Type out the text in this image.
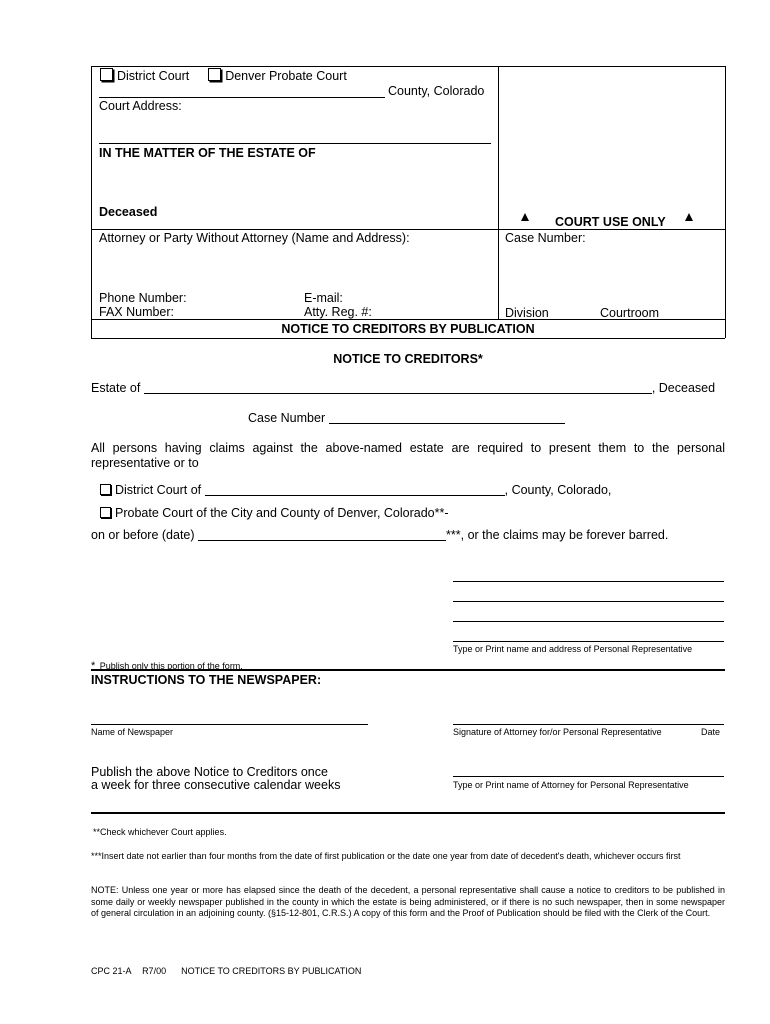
District Court	Denver Probate Court
County, Colorado
Court Address:
IN THE MATTER OF THE ESTATE OF
Deceased
COURT USE ONLY
Attorney or Party Without Attorney (Name and Address):	Case Number:
Phone Number:	E-mail:
FAX Number:	Atty. Reg. #:	Division	Courtroom
NOTICE TO CREDITORS BY PUBLICATION
NOTICE TO CREDITORS*
Estate of	, Deceased
Case Number
All persons having claims against the above-named estate are required to present them to the personal representative or to
District Court of	, County, Colorado,
Probate Court of the City and County of Denver, Colorado**-
on or before (date)	***, or the claims may be forever barred.
Type or Print name and address of Personal Representative
* Publish only this portion of the form.
INSTRUCTIONS TO THE NEWSPAPER:
Name of Newspaper	Signature of Attorney for/or Personal Representative	Date
Publish the above Notice to Creditors once
a week for three consecutive calendar weeks	Type or Print name of Attorney for Personal Representative
**Check whichever Court applies.
***Insert date not earlier than four months from the date of first publication or the date one year from date of decedent's death, whichever occurs first
NOTE: Unless one year or more has elapsed since the death of the decedent, a personal representative shall cause a notice to creditors to be published in some daily or weekly newspaper published in the county in which the estate is being administered, or if there is no such newspaper, then in some newspaper of general circulation in an adjoining county. (§15-12-801, C.R.S.) A copy of this form and the Proof of Publication should be filed with the Clerk of the Court.
CPC 21-A R7/00 NOTICE TO CREDITORS BY PUBLICATION
